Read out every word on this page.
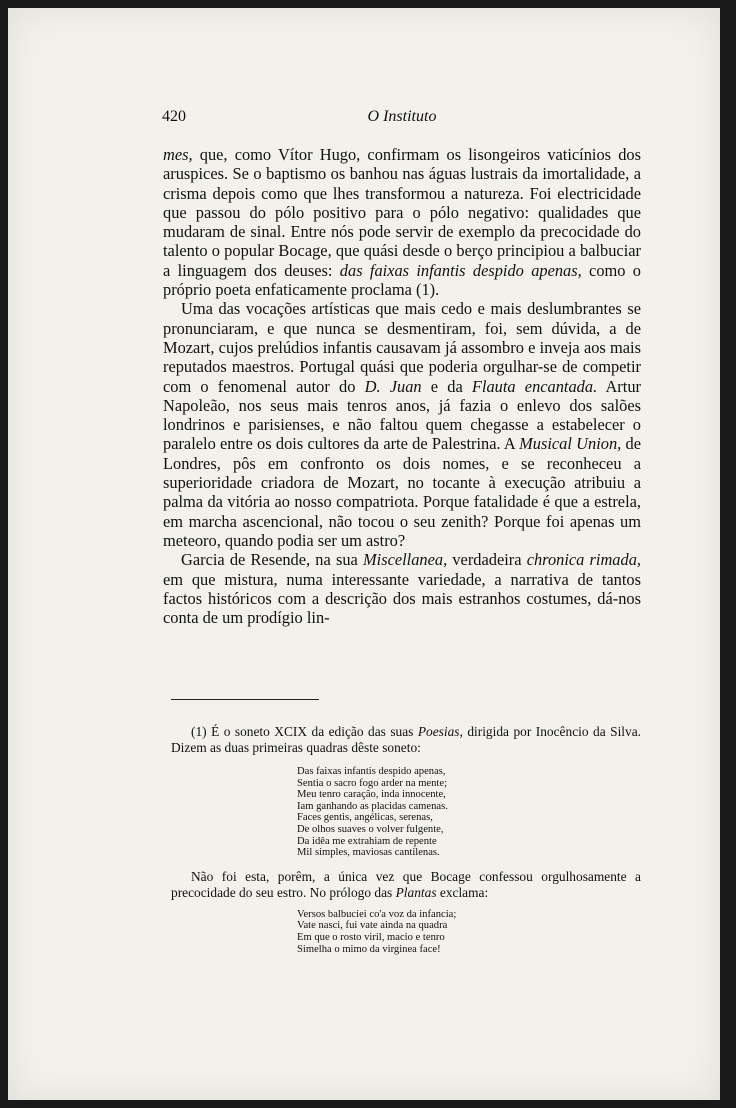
420	O Instituto

mes, que, como Vítor Hugo, confirmam os lisongeiros vaticínios dos aruspices. Se o baptismo os banhou nas águas lustrais da imortalidade, a crisma depois como que lhes transformou a natureza. Foi electricidade que passou do pólo positivo para o pólo negativo: qualidades que mudaram de sinal. Entre nós pode servir de exemplo da precocidade do talento o popular Bocage, que quási desde o berço principiou a balbuciar a linguagem dos deuses: das faixas infantis despido apenas, como o próprio poeta enfaticamente proclama (1).

Uma das vocações artísticas que mais cedo e mais deslumbrantes se pronunciaram, e que nunca se desmentiram, foi, sem dúvida, a de Mozart, cujos prelúdios infantis causavam já assombro e inveja aos mais reputados maestros. Portugal quási que poderia orgulhar-se de competir com o fenomenal autor do D. Juan e da Flauta encantada. Artur Napoleão, nos seus mais tenros anos, já fazia o enlevo dos salões londrinos e parisienses, e não faltou quem chegasse a estabelecer o paralelo entre os dois cultores da arte de Palestrina. A Musical Union, de Londres, pôs em confronto os dois nomes, e se reconheceu a superioridade criadora de Mozart, no tocante à execução atribuiu a palma da vitória ao nosso compatriota. Porque fatalidade é que a estrela, em marcha ascencional, não tocou o seu zenith? Porque foi apenas um meteoro, quando podia ser um astro?

Garcia de Resende, na sua Miscellanea, verdadeira chronica rimada, em que mistura, numa interessante variedade, a narrativa de tantos factos históricos com a descrição dos mais estranhos costumes, dá-nos conta de um prodígio lin-

(1) É o soneto XCIX da edição das suas Poesias, dirigida por Inocêncio da Silva. Dizem as duas primeiras quadras dêste soneto:

Das faixas infantis despido apenas,
Sentia o sacro fogo arder na mente;
Meu tenro caração, inda innocente,
Iam ganhando as placidas camenas.
Faces gentis, angélicas, serenas,
De olhos suaves o volver fulgente,
Da idêa me extrahiam de repente
Mil simples, maviosas cantilenas.

Não foi esta, porêm, a única vez que Bocage confessou orgulhosamente a precocidade do seu estro. No prólogo das Plantas exclama:

Versos balbuciei co'a voz da infancia;
Vate nasci, fui vate ainda na quadra
Em que o rosto viril, macio e tenro
Simelha o mimo da virginea face!
